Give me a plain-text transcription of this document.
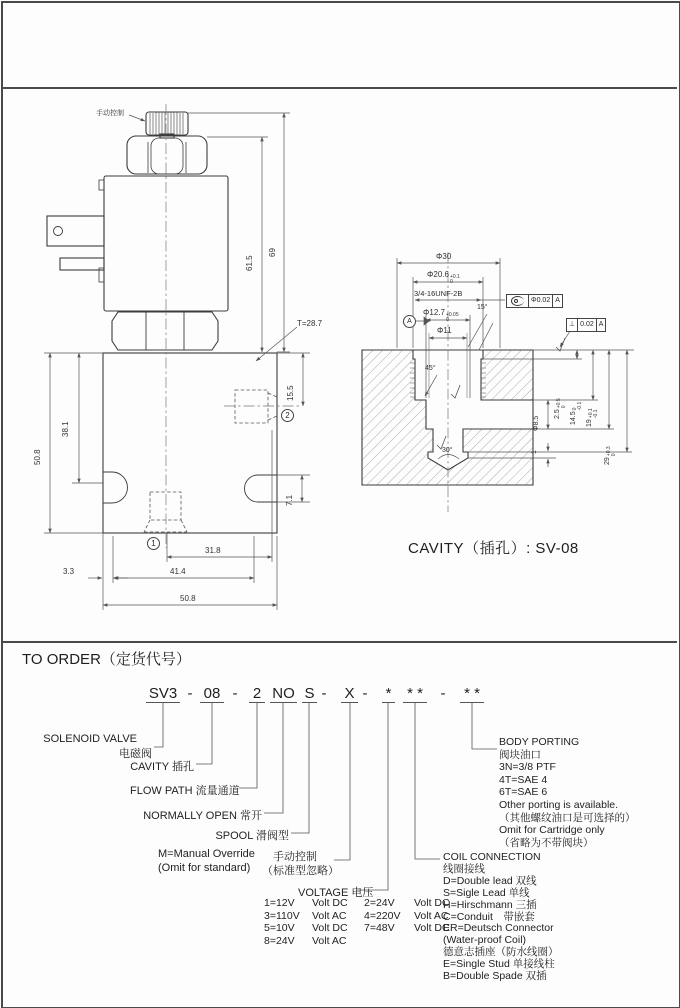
手动控制
69
61.5
T=28.7
50.8
38.1
15.5
7.1
31.8
41.4
3.3
50.8
1
2
Φ30
Φ20.6 +0.1
0
3/4-16UNF-2B
Φ12.7 +0.05
0
Φ11
15°
45°
30°
Φ8.5
1
2.5
+0.5 0
14.5
0 -0.1
19
+0.1 -0.1
29
+0.3 0
Φ0.02 A
⊥ 0.02 A
A
CAVITY（插孔）: SV-08
TO ORDER（定货代号）
SV3 - 08 - 2 NO S - X - * * * - * *
SOLENOID VALVE
电磁阀
CAVITY 插孔
FLOW PATH 流量通道
NORMALLY OPEN 常开
SPOOL 滑阀型
M=Manual Override
(Omit for standard)
手动控制
（标准型忽略）
VOLTAGE 电压
1=12V	Volt DC	2=24V	Volt DC
3=110V	Volt AC	4=220V	Volt AC
5=10V	Volt DC	7=48V	Volt DC
8=24V	Volt AC
COIL CONNECTION
线圈接线
D=Double lead 双线
S=Sigle Lead 单线
H=Hirschmann 三插
C=Conduit　带嵌套
ER=Deutsch Connector
(Water-proof Coil)
德意志插座（防水线圈）
E=Single Stud 单接线柱
B=Double Spade 双插
BODY PORTING
阀块油口
3N=3/8 PTF
4T=SAE 4
6T=SAE 6
Other porting is available.
（其他螺纹油口是可选择的）
Omit for Cartridge only
（省略为不带阀块）
